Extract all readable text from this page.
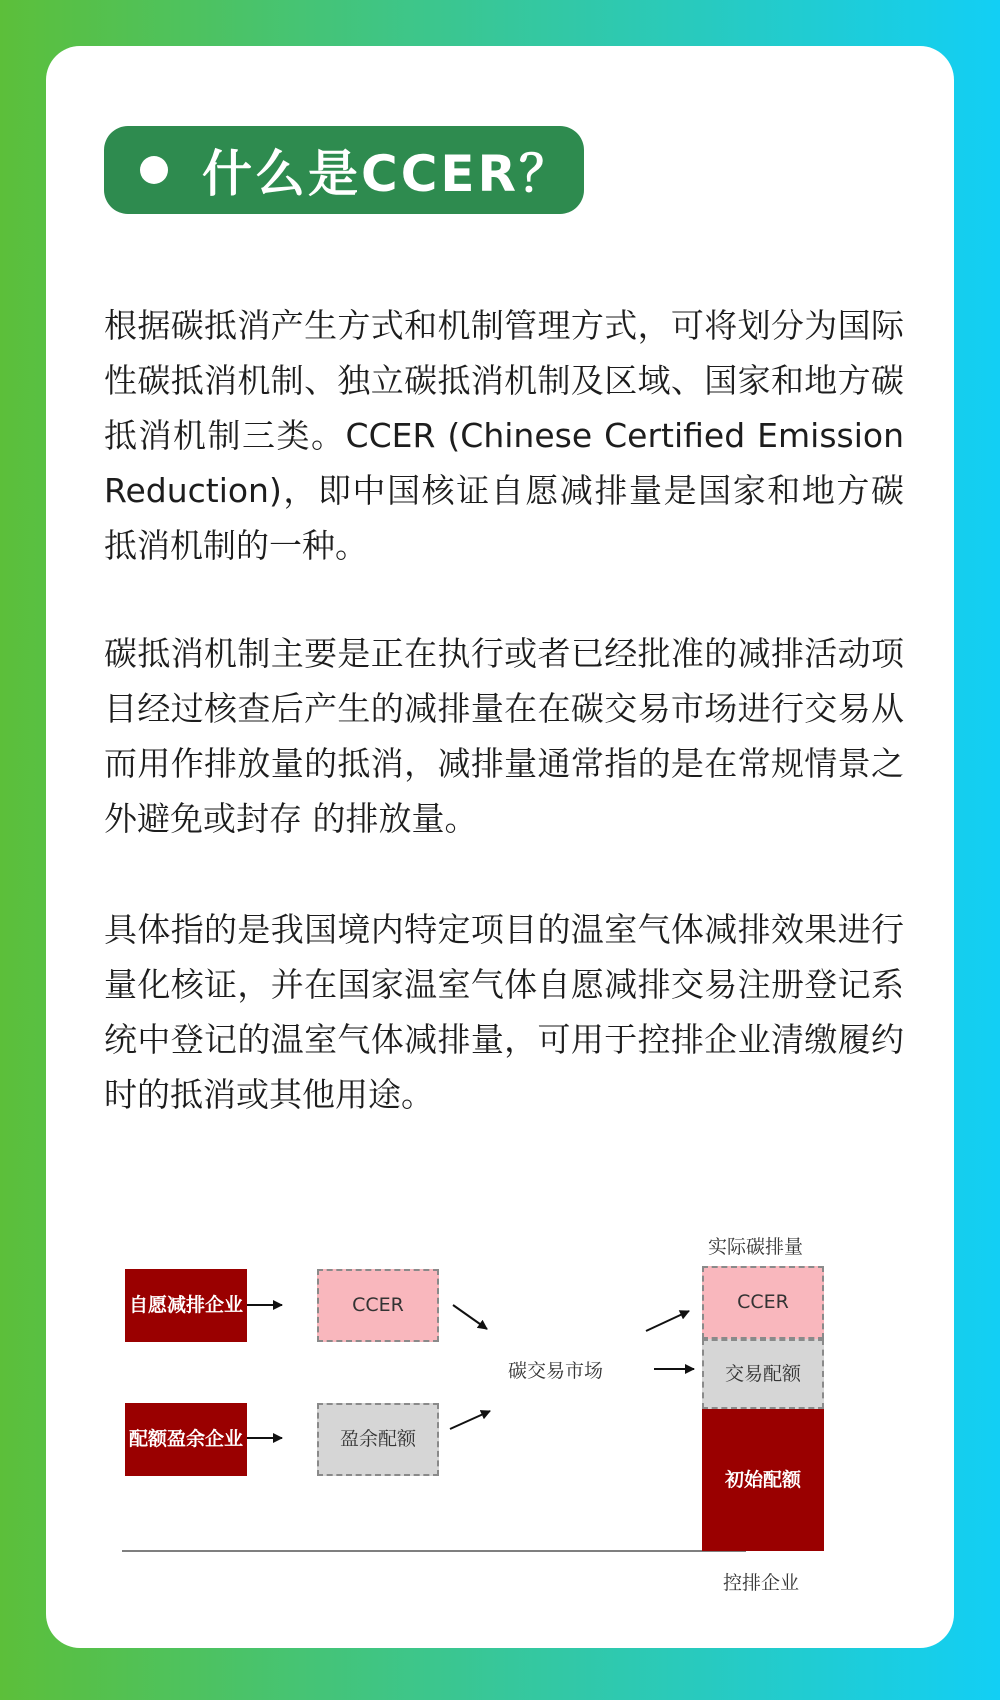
什么是CCER？

根据碳抵消产生方式和机制管理方式，可将划分为国际性碳抵消机制、独立碳抵消机制及区域、国家和地方碳抵消机制三类。CCER (Chinese Certified Emission Reduction)，即中国核证自愿减排量是国家和地方碳抵消机制的一种。

碳抵消机制主要是正在执行或者已经批准的减排活动项目经过核查后产生的减排量在在碳交易市场进行交易从而用作排放量的抵消，减排量通常指的是在常规情景之外避免或封存 的排放量。

具体指的是我国境内特定项目的温室气体减排效果进行量化核证，并在国家温室气体自愿减排交易注册登记系统中登记的温室气体减排量，可用于控排企业清缴履约时的抵消或其他用途。

自愿减排企业
配额盈余企业
CCER
盈余配额
碳交易市场
实际碳排量
CCER
交易配额
初始配额
控排企业
